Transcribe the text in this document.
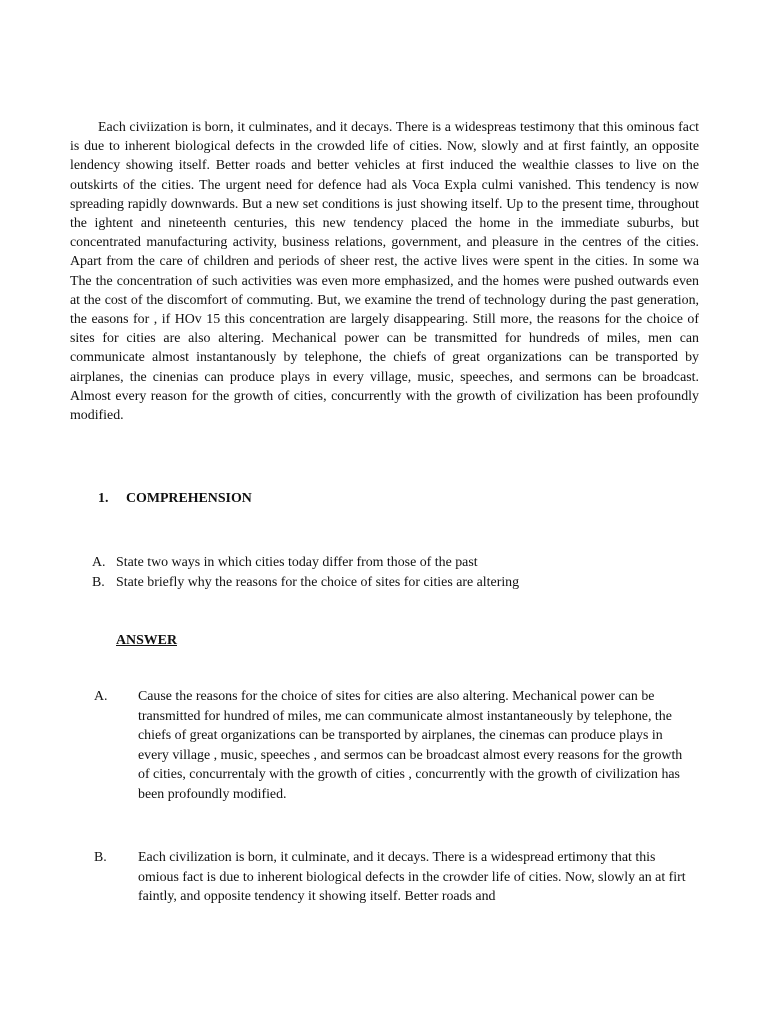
Each civiization is born, it culminates, and it decays. There is a widespreas testimony that this ominous fact is due to inherent biological defects in the crowded life of cities. Now, slowly and at first faintly, an opposite lendency showing itself. Better roads and better vehicles at first induced the wealthie classes to live on the outskirts of the cities. The urgent need for defence had als Voca Expla culmi vanished. This tendency is now spreading rapidly downwards. But a new set conditions is just showing itself. Up to the present time, throughout the ightent and nineteenth centuries, this new tendency placed the home in the immediate suburbs, but concentrated manufacturing activity, business relations, government, and pleasure in the centres of the cities. Apart from the care of children and periods of sheer rest, the active lives were spent in the cities. In some wa The the concentration of such activities was even more emphasized, and the homes were pushed outwards even at the cost of the discomfort of commuting. But, we examine the trend of technology during the past generation, the easons for , if HOv 15 this concentration are largely disappearing. Still more, the reasons for the choice of sites for cities are also altering. Mechanical power can be transmitted for hundreds of miles, men can communicate almost instantanously by telephone, the chiefs of great organizations can be transported by airplanes, the cinenias can produce plays in every village, music, speeches, and sermons can be broadcast. Almost every reason for the growth of cities, concurrently with the growth of civilization has been profoundly modified.

1. COMPREHENSION
A. State two ways in which cities today differ from those of the past
B. State briefly why the reasons for the choice of sites for cities are altering
ANSWER
A. Cause the reasons for the choice of sites for cities are also altering. Mechanical power can be transmitted for hundred of miles, me can communicate almost instantaneously by telephone, the chiefs of great organizations can be transported by airplanes, the cinemas can produce plays in every village , music, speeches , and sermos can be broadcast almost every reasons for the growth of cities, concurrentaly with the growth of cities , concurrently with the growth of civilization has been profoundly modified.
B. Each civilization is born, it culminate, and it decays. There is a widespread ertimony that this omious fact is due to inherent biological defects in the crowder life of cities. Now, slowly an at firt faintly, and opposite tendency it showing itself. Better roads and
